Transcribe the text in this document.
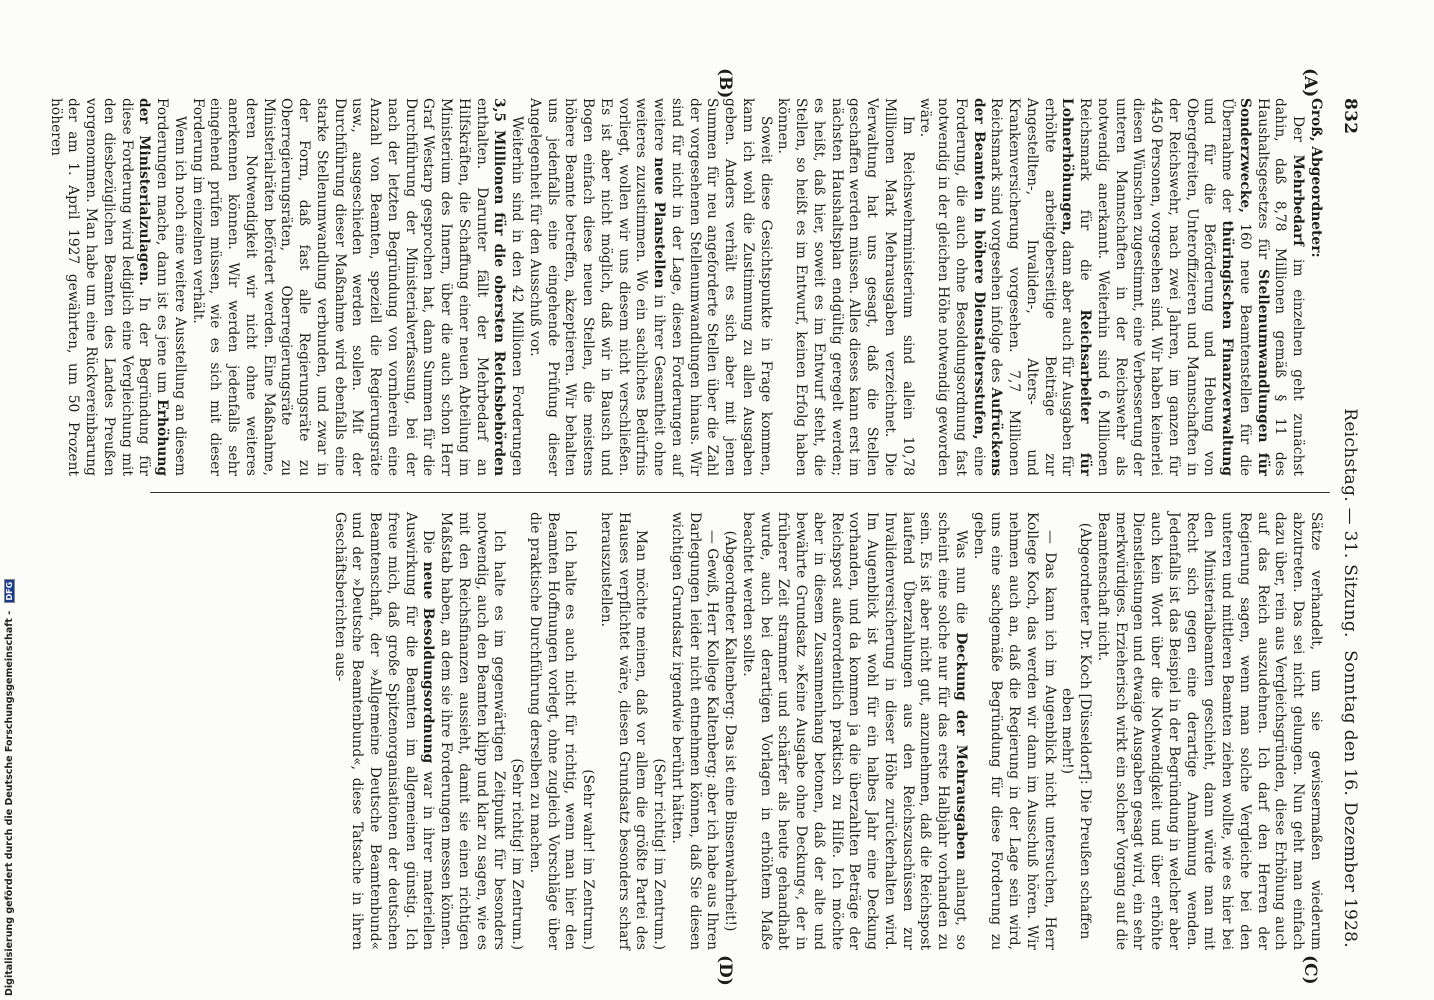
832
Reichstag. — 31. Sitzung.
Sonntag den 16. Dezember 1928.
(A)
(B)
(C)
(D)

Groß, Abgeordneter:

Der Mehrbedarf im einzelnen geht zunächst dahin, daß 8,78 Millionen gemäß § 11 des Haushaltsgesetzes für Stellenumwandlungen für Sonderzwecke, 160 neue Beamtenstellen für die Übernahme der thüringischen Finanzverwaltung und für die Beförderung und Hebung von Obergefreiten, Unteroffizieren und Mannschaften in der Reichswehr, nach zwei Jahren, im ganzen für 4450 Personen, vorgesehen sind. Wir haben keinerlei diesen Wünschen zugestimmt, eine Verbesserung der unteren Mannschaften in der Reichswehr als notwendig anerkannt. Weiterhin sind 6 Millionen Reichsmark für die Reichsarbeiter für Lohnerhöhungen, dann aber auch für Ausgaben für erhöhte arbeitgeberseitige Beiträge zur Angestellten-, Invaliden-, Alters- und Krankenversicherung vorgesehen. 7,7 Millionen Reichsmark sind vorgesehen infolge des Aufrückens der Beamten in höhere Dienstaltersstufen, eine Forderung, die auch ohne Besoldungsordnung fast notwendig in der gleichen Höhe notwendig geworden wäre.

Im Reichswehrministerium sind allein 10,78 Millionen Mark Mehrausgaben verzeichnet. Die Verwaltung hat uns gesagt, daß die Stellen geschaffen werden müssen. Alles dieses kann erst im nächsten Haushaltsplan endgültig geregelt werden; es heißt, daß hier, soweit es im Entwurf steht, die Stellen, so heißt es im Entwurf, keinen Erfolg haben können.

Soweit diese Gesichtspunkte in Frage kommen, kann ich wohl die Zustimmung zu allen Ausgaben geben. Anders verhält es sich aber mit jenen Summen für neu angeforderte Stellen über die Zahl der vorgesehenen Stellenumwandlungen hinaus. Wir sind für nicht in der Lage, diesen Forderungen auf weitere neue Planstellen in ihrer Gesamtheit ohne weiteres zuzustimmen. Wo ein sachliches Bedürfnis vorliegt, wollen wir uns diesem nicht verschließen. Es ist aber nicht möglich, daß wir in Bausch und Bogen einfach diese neuen Stellen, die meistens höhere Beamte betreffen, akzeptieren. Wir behalten uns jedenfalls eine eingehende Prüfung dieser Angelegenheit für den Ausschuß vor.

Weiterhin sind in den 42 Millionen Forderungen 3,5 Millionen für die obersten Reichsbehörden enthalten. Darunter fällt der Mehrbedarf an Hilfskräften, die Schaffung einer neuen Abteilung im Ministerium des Innern, über die auch schon Herr Graf Westarp gesprochen hat, dann Summen für die Durchführung der Ministerialverfassung, bei der nach der letzten Begründung von vornherein eine Anzahl von Beamten, speziell die Regierungsräte usw., ausgeschieden werden sollen. Mit der Durchführung dieser Maßnahme wird ebenfalls eine starke Stellenumwandlung verbunden, und zwar in der Form, daß fast alle Regierungsräte zu Oberregierungsräten, Oberregierungsräte zu Ministerialräten befördert werden. Eine Maßnahme, deren Notwendigkeit wir nicht ohne weiteres anerkennen können. Wir werden jedenfalls sehr eingehend prüfen müssen, wie es sich mit dieser Forderung im einzelnen verhält.

Wenn ich noch eine weitere Ausstellung an diesem Forderungen mache, dann ist es jene um Erhöhung der Ministerialzulagen. In der Begründung für diese Forderung wird lediglich eine Vergleichung mit den diesbezüglichen Beamten des Landes Preußen vorgenommen. Man habe um eine Rückvereinbarung der am 1. April 1927 gewährten, um 50 Prozent höheren

Sätze verhandelt, um sie gewissermaßen wiederum abzutreten. Das sei nicht gelungen. Nun geht man einfach dazu über, rein aus Vergleichsgründen, diese Erhöhung auch auf das Reich auszudehnen. Ich darf den Herren der Regierung sagen, wenn man solche Vergleiche bei den unteren und mittleren Beamten ziehen wollte, wie es hier bei den Ministerialbeamten geschieht, dann würde man mit Recht sich gegen eine derartige Annahmung wenden. Jedenfalls ist das Beispiel in der Begründung in welcher aber auch kein Wort über die Notwendigkeit und über erhöhte Dienstleistungen und etwaige Ausgaben gesagt wird, ein sehr merkwürdiges. Erzieherisch wirkt ein solcher Vorgang auf die Beamtenschaft nicht.

(Abgeordneter Dr. Koch [Düsseldorf]: Die Preußen schaffen eben mehr!)

— Das kann ich im Augenblick nicht untersuchen, Herr Kollege Koch, das werden wir dann im Ausschuß hören. Wir nehmen auch an, daß die Regierung in der Lage sein wird, uns eine sachgemäße Begründung für diese Forderung zu geben.

Was nun die Deckung der Mehrausgaben anlangt, so scheint eine solche nur für das erste Halbjahr vorhanden zu sein. Es ist aber nicht gut, anzunehmen, daß die Reichspost laufend Überzahlungen aus den Reichszuschüssen zur Invalidenversicherung in dieser Höhe zurückerhalten wird. Im Augenblick ist wohl für ein halbes Jahr eine Deckung vorhanden, und da kommen ja die überzahlten Beträge der Reichspost außerordentlich praktisch zu Hilfe. Ich möchte aber in diesem Zusammenhang betonen, daß der alte und bewährte Grundsatz »Keine Ausgabe ohne Deckung«, der in früherer Zeit strammer und schärfer als heute gehandhabt wurde, auch bei derartigen Vorlagen in erhöhtem Maße beachtet werden sollte.

(Abgeordneter Kaltenberg: Das ist eine Binsenwahrheit!)

— Gewiß, Herr Kollege Kaltenberg; aber ich habe aus Ihren Darlegungen leider nicht entnehmen können, daß Sie diesen wichtigen Grundsatz irgendwie berührt hätten.

(Sehr richtig! im Zentrum.)

Man möchte meinen, daß vor allem die größte Partei des Hauses verpflichtet wäre, diesen Grundsatz besonders scharf herauszustellen.

(Sehr wahr! im Zentrum.)

Ich halte es auch nicht für richtig, wenn man hier den Beamten Hoffnungen vorlegt, ohne zugleich Vorschläge über die praktische Durchführung derselben zu machen.

(Sehr richtig! im Zentrum.)

Ich halte es im gegenwärtigen Zeitpunkt für besonders notwendig, auch den Beamten klipp und klar zu sagen, wie es mit den Reichsfinanzen aussieht, damit sie einen richtigen Maßstab haben, an dem sie ihre Forderungen messen können.

Die neue Besoldungsordnung war in ihrer materiellen Auswirkung für die Beamten im allgemeinen günstig. Ich freue mich, daß große Spitzenorganisationen der deutschen Beamtenschaft, der »Allgemeine Deutsche Beamtenbund« und der »Deutsche Beamtenbund«, diese Tatsache in ihren Geschäftsberichten aus-

Digitalisierung gefördert durch die Deutsche Forschungsgemeinschaft - DFG
